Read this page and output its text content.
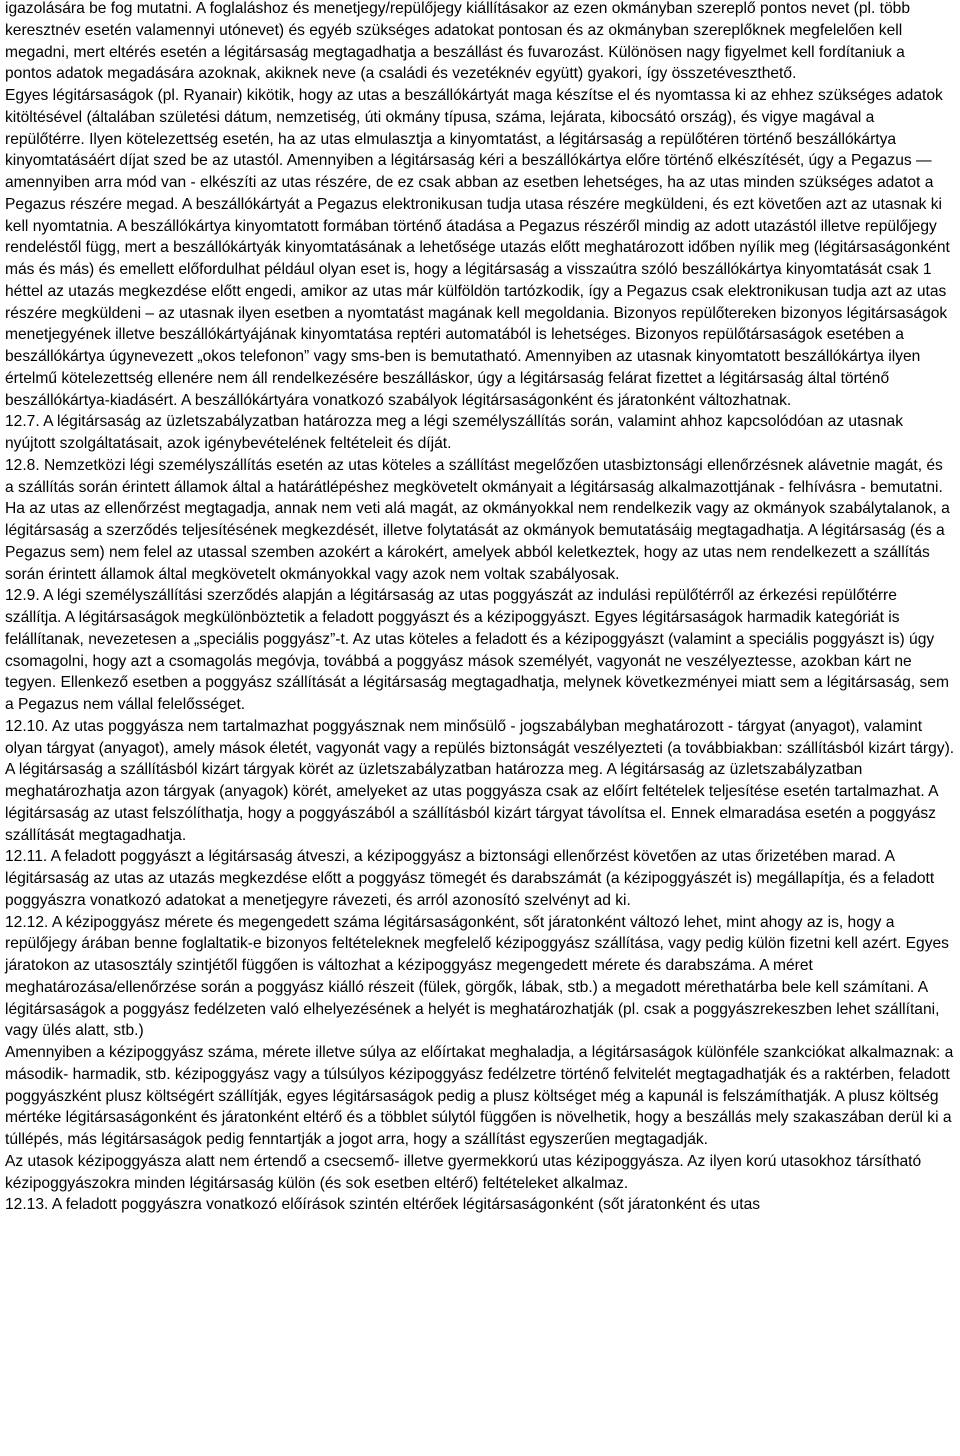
igazolására be fog mutatni. A foglaláshoz és menetjegy/repülőjegy kiállításakor az ezen okmányban szereplő pontos nevet (pl. több keresztnév esetén valamennyi utónevet) és egyéb szükséges adatokat pontosan és az okmányban szereplőknek megfelelően kell megadni, mert eltérés esetén a légitársaság megtagadhatja a beszállást és fuvarozást. Különösen nagy figyelmet kell fordítaniuk a pontos adatok megadására azoknak, akiknek neve (a családi és vezetéknév együtt) gyakori, így összetéveszthető.

Egyes légitársaságok (pl. Ryanair) kikötik, hogy az utas a beszállókártyát maga készítse el és nyomtassa ki az ehhez szükséges adatok kitöltésével (általában születési dátum, nemzetiség, úti okmány típusa, száma, lejárata, kibocsátó ország), és vigye magával a repülőtérre. Ilyen kötelezettség esetén, ha az utas elmulasztja a kinyomtatást, a légitársaság a repülőtéren történő beszállókártya kinyomtatásáért díjat szed be az utastól. Amennyiben a légitársaság kéri a beszállókártya előre történő elkészítését, úgy a Pegazus —amennyiben arra mód van - elkészíti az utas részére, de ez csak abban az esetben lehetséges, ha az utas minden szükséges adatot a Pegazus részére megad. A beszállókártyát a Pegazus elektronikusan tudja utasa részére megküldeni, és ezt követően azt az utasnak ki kell nyomtatnia. A beszállókártya kinyomtatott formában történő átadása a Pegazus részéről mindig az adott utazástól illetve repülőjegy rendeléstől függ, mert a beszállókártyák kinyomtatásának a lehetősége utazás előtt meghatározott időben nyílik meg (légitársaságonként más és más) és emellett előfordulhat például olyan eset is, hogy a légitársaság a visszaútra szóló beszállókártya kinyomtatását csak 1 héttel az utazás megkezdése előtt engedi, amikor az utas már külföldön tartózkodik, így a Pegazus csak elektronikusan tudja azt az utas részére megküldeni – az utasnak ilyen esetben a nyomtatást magának kell megoldania. Bizonyos repülőtereken bizonyos légitársaságok menetjegyének illetve beszállókártyájának kinyomtatása reptéri automatából is lehetséges. Bizonyos repülőtársaságok esetében a beszállókártya úgynevezett „okos telefonon” vagy sms-ben is bemutatható. Amennyiben az utasnak kinyomtatott beszállókártya ilyen értelmű kötelezettség ellenére nem áll rendelkezésére beszálláskor, úgy a légitársaság felárat fizettet a légitársaság által történő beszállókártya-kiadásért. A beszállókártyára vonatkozó szabályok légitársaságonként és járatonként változhatnak.

12.7. A légitársaság az üzletszabályzatban határozza meg a légi személyszállítás során, valamint ahhoz kapcsolódóan az utasnak nyújtott szolgáltatásait, azok igénybevételének feltételeit és díját.

12.8. Nemzetközi légi személyszállítás esetén az utas köteles a szállítást megelőzően utasbiztonsági ellenőrzésnek alávetnie magát, és a szállítás során érintett államok által a határátlépéshez megkövetelt okmányait a légitársaság alkalmazottjának - felhívásra - bemutatni. Ha az utas az ellenőrzést megtagadja, annak nem veti alá magát, az okmányokkal nem rendelkezik vagy az okmányok szabálytalanok, a légitársaság a szerződés teljesítésének megkezdését, illetve folytatását az okmányok bemutatásáig megtagadhatja. A légitársaság (és a Pegazus sem) nem felel az utassal szemben azokért a károkért, amelyek abból keletkeztek, hogy az utas nem rendelkezett a szállítás során érintett államok által megkövetelt okmányokkal vagy azok nem voltak szabályosak.

12.9. A légi személyszállítási szerződés alapján a légitársaság az utas poggyászát az indulási repülőtérről az érkezési repülőtérre szállítja. A légitársaságok megkülönböztetik a feladott poggyászt és a kézipoggyászt. Egyes légitársaságok harmadik kategóriát is felállítanak, nevezetesen a „speciális poggyász”-t. Az utas köteles a feladott és a kézipoggyászt (valamint a speciális poggyászt is) úgy csomagolni, hogy azt a csomagolás megóvja, továbbá a poggyász mások személyét, vagyonát ne veszélyeztesse, azokban kárt ne tegyen. Ellenkező esetben a poggyász szállítását a légitársaság megtagadhatja, melynek következményei miatt sem a légitársaság, sem a Pegazus nem vállal felelősséget.

12.10. Az utas poggyásza nem tartalmazhat poggyásznak nem minősülő - jogszabályban meghatározott - tárgyat (anyagot), valamint olyan tárgyat (anyagot), amely mások életét, vagyonát vagy a repülés biztonságát veszélyezteti (a továbbiakban: szállításból kizárt tárgy). A légitársaság a szállításból kizárt tárgyak körét az üzletszabályzatban határozza meg. A légitársaság az üzletszabályzatban meghatározhatja azon tárgyak (anyagok) körét, amelyeket az utas poggyásza csak az előírt feltételek teljesítése esetén tartalmazhat. A légitársaság az utast felszólíthatja, hogy a poggyászából a szállításból kizárt tárgyat távolítsa el. Ennek elmaradása esetén a poggyász szállítását megtagadhatja.

12.11. A feladott poggyászt a légitársaság átveszi, a kézipoggyász a biztonsági ellenőrzést követően az utas őrizetében marad. A légitársaság az utas az utazás megkezdése előtt a poggyász tömegét és darabszámát (a kézipoggyászét is) megállapítja, és a feladott poggyászra vonatkozó adatokat a menetjegyre rávezeti, és arról azonosító szelvényt ad ki.

12.12. A kézipoggyász mérete és megengedett száma légitársaságonként, sőt járatonként változó lehet, mint ahogy az is, hogy a repülőjegy árában benne foglaltatik-e bizonyos feltételeknek megfelelő kézipoggyász szállítása, vagy pedig külön fizetni kell azért. Egyes járatokon az utasosztály szintjétől függően is változhat a kézipoggyász megengedett mérete és darabszáma. A méret meghatározása/ellenőrzése során a poggyász kiálló részeit (fülek, görgők, lábak, stb.) a megadott mérethatárba bele kell számítani. A légitársaságok a poggyász fedélzeten való elhelyezésének a helyét is meghatározhatják (pl. csak a poggyászrekeszben lehet szállítani, vagy ülés alatt, stb.)

Amennyiben a kézipoggyász száma, mérete illetve súlya az előírtakat meghaladja, a légitársaságok különféle szankciókat alkalmaznak: a második- harmadik, stb. kézipoggyász vagy a túlsúlyos kézipoggyász fedélzetre történő felvitelét megtagadhatják és a raktérben, feladott poggyászként plusz költségért szállítják, egyes légitársaságok pedig a plusz költséget még a kapunál is felszámíthatják. A plusz költség mértéke légitársaságonként és járatonként eltérő és a többlet súlytól függően is növelhetik, hogy a beszállás mely szakaszában derül ki a túllépés, más légitársaságok pedig fenntartják a jogot arra, hogy a szállítást egyszerűen megtagadják.

Az utasok kézipoggyásza alatt nem értendő a csecsemő- illetve gyermekkorú utas kézipoggyásza. Az ilyen korú utasokhoz társítható kézipoggyászokra minden légitársaság külön (és sok esetben eltérő) feltételeket alkalmaz.

12.13. A feladott poggyászra vonatkozó előírások szintén eltérőek légitársaságonként (sőt járatonként és utas
